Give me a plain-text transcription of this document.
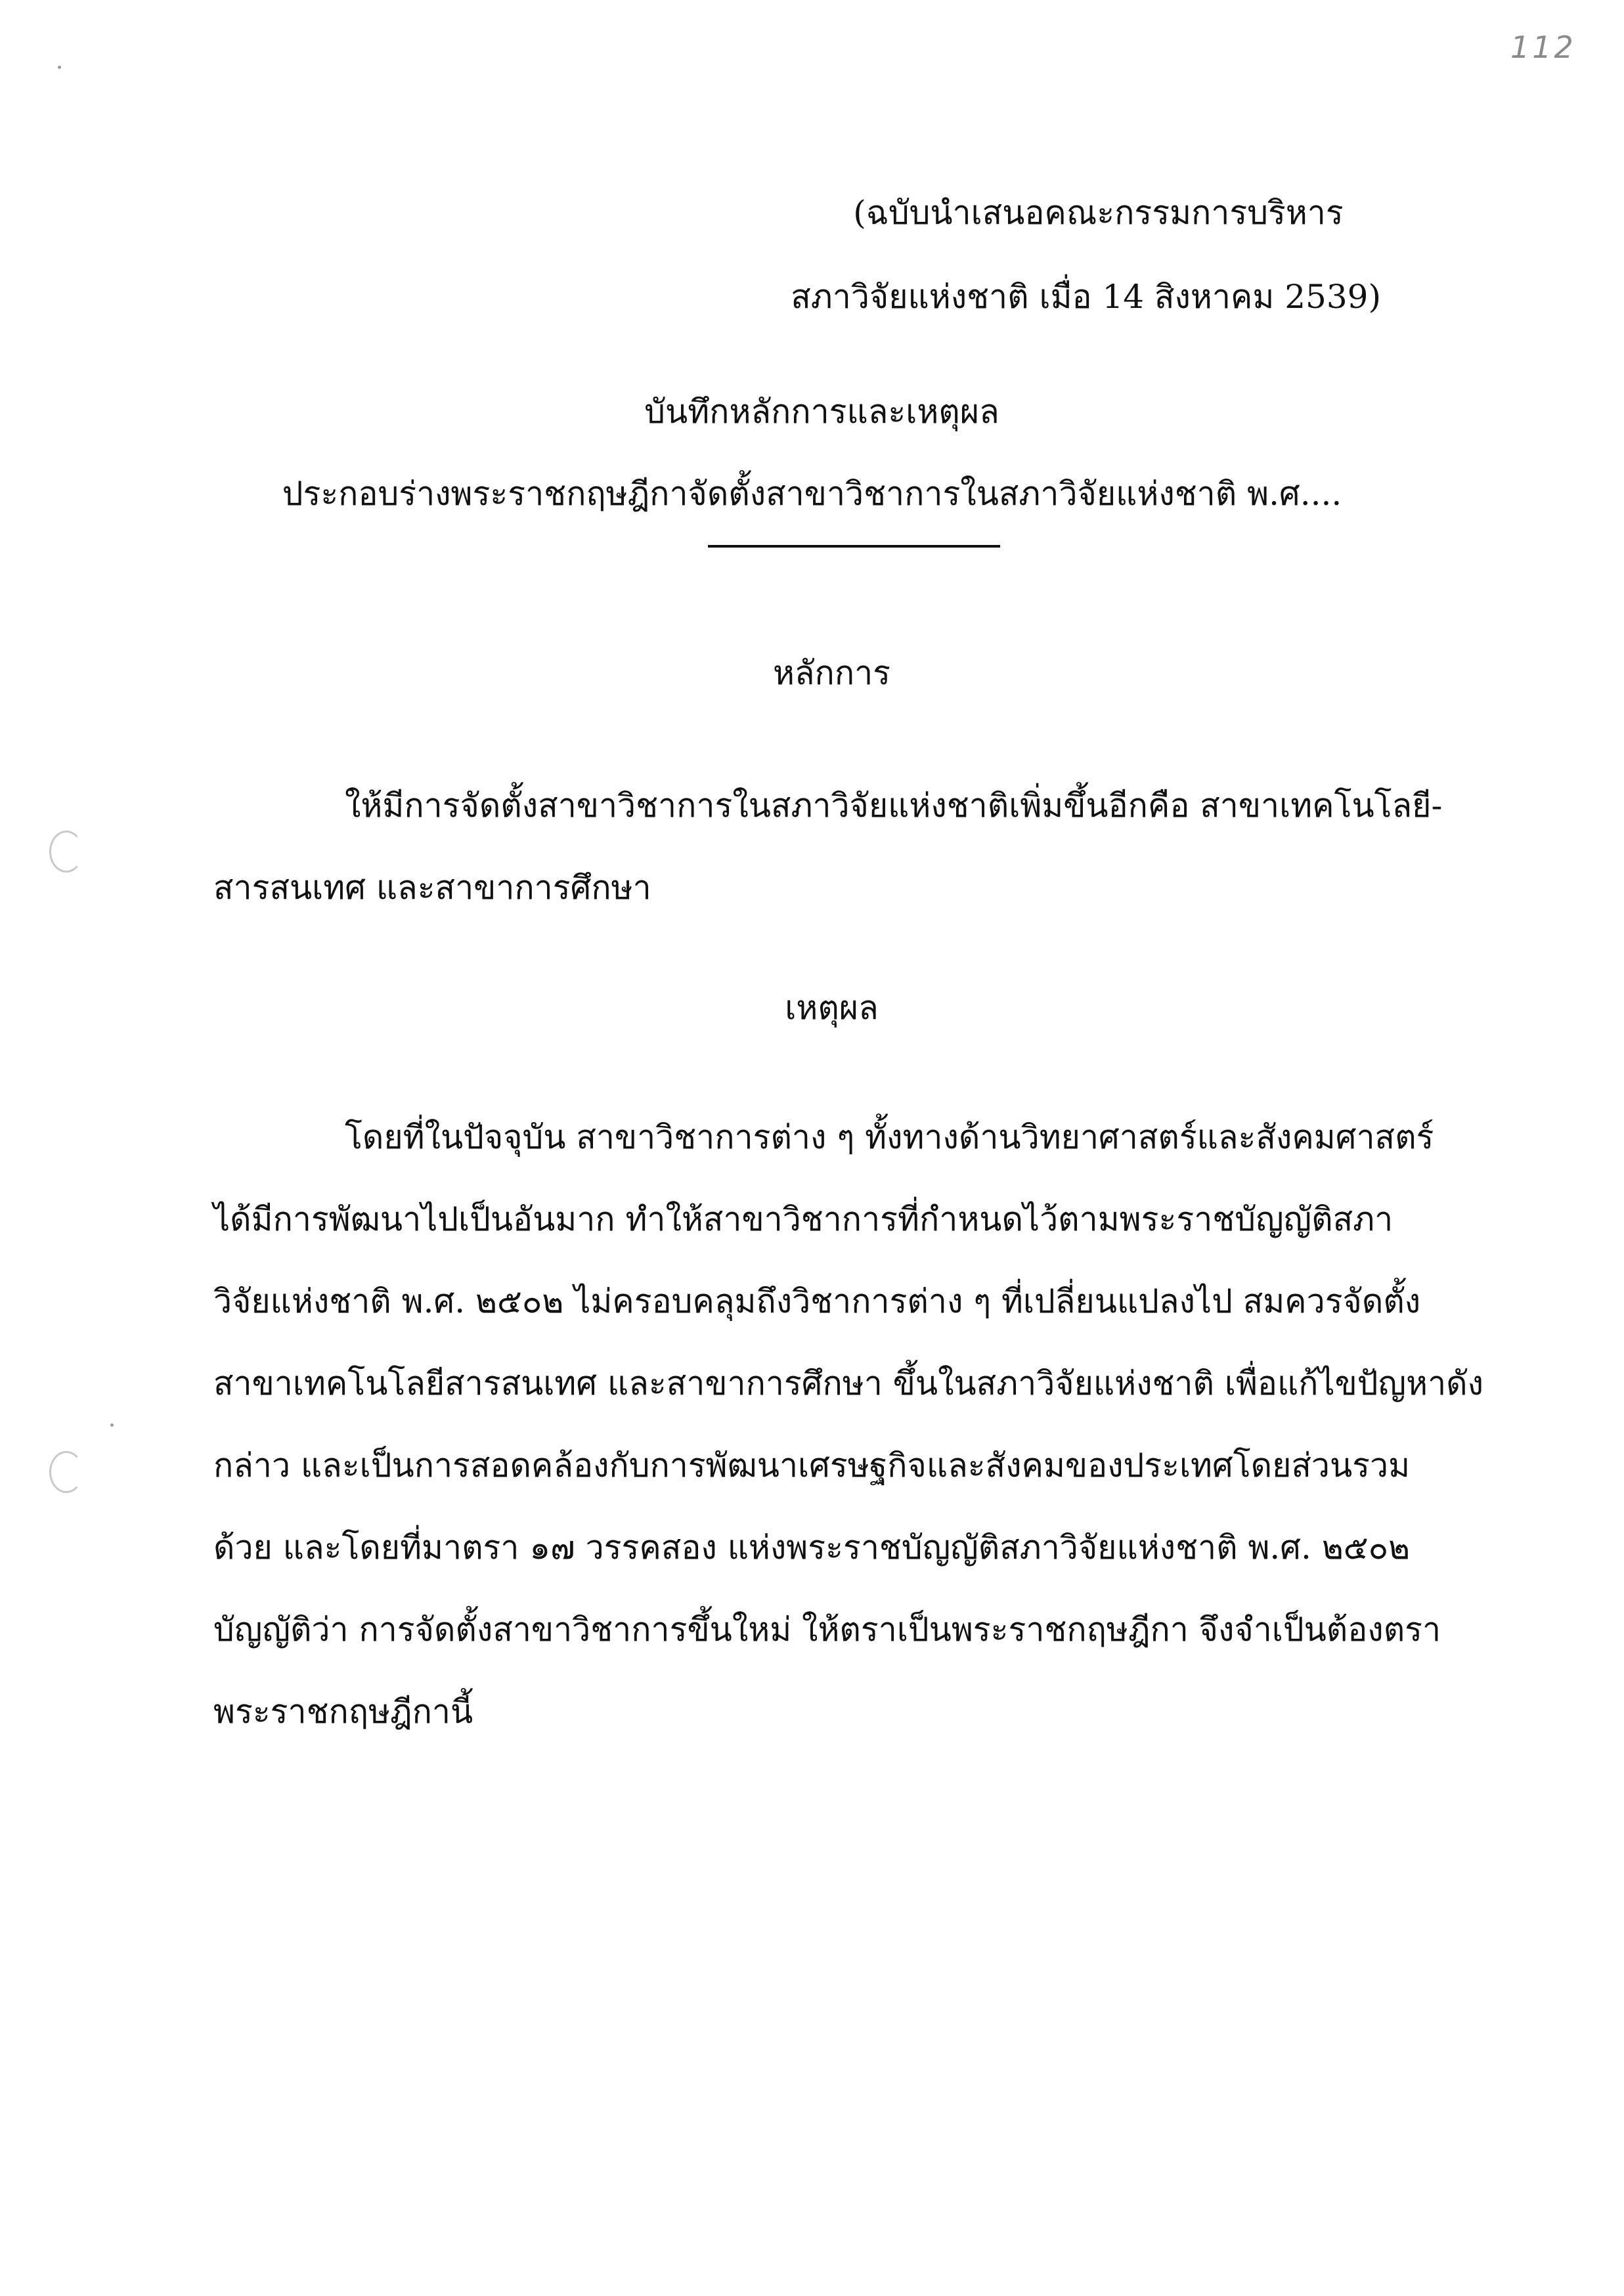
112
(ฉบับนำเสนอคณะกรรมการบริหาร
สภาวิจัยแห่งชาติ เมื่อ 14 สิงหาคม 2539)
บันทึกหลักการและเหตุผล
ประกอบร่างพระราชกฤษฎีกาจัดตั้งสาขาวิชาการในสภาวิจัยแห่งชาติ พ.ศ....
หลักการ
ให้มีการจัดตั้งสาขาวิชาการในสภาวิจัยแห่งชาติเพิ่มขึ้นอีกคือ สาขาเทคโนโลยี-
สารสนเทศ และสาขาการศึกษา
เหตุผล
โดยที่ในปัจจุบัน สาขาวิชาการต่าง ๆ ทั้งทางด้านวิทยาศาสตร์และสังคมศาสตร์
ได้มีการพัฒนาไปเป็นอันมาก ทำให้สาขาวิชาการที่กำหนดไว้ตามพระราชบัญญัติสภา
วิจัยแห่งชาติ พ.ศ. ๒๕๐๒ ไม่ครอบคลุมถึงวิชาการต่าง ๆ ที่เปลี่ยนแปลงไป สมควรจัดตั้ง
สาขาเทคโนโลยีสารสนเทศ และสาขาการศึกษา ขึ้นในสภาวิจัยแห่งชาติ เพื่อแก้ไขปัญหาดัง
กล่าว และเป็นการสอดคล้องกับการพัฒนาเศรษฐกิจและสังคมของประเทศโดยส่วนรวม
ด้วย และโดยที่มาตรา ๑๗ วรรคสอง แห่งพระราชบัญญัติสภาวิจัยแห่งชาติ พ.ศ. ๒๕๐๒
บัญญัติว่า การจัดตั้งสาขาวิชาการขึ้นใหม่ ให้ตราเป็นพระราชกฤษฎีกา จึงจำเป็นต้องตรา
พระราชกฤษฎีกานี้
